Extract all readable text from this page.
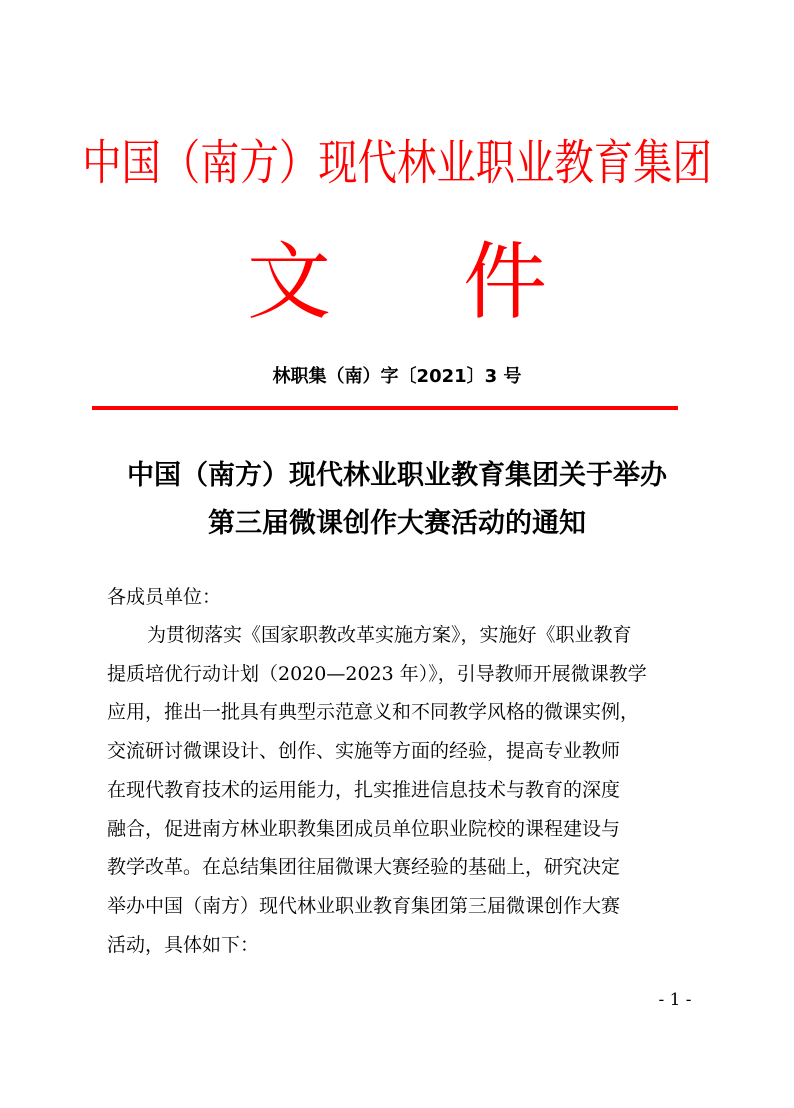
中国（南方）现代林业职业教育集团
文 件
林职集（南）字〔2021〕3 号
中国（南方）现代林业职业教育集团关于举办
第三届微课创作大赛活动的通知
各成员单位：
为贯彻落实《国家职教改革实施方案》，实施好《职业教育
提质培优行动计划（2020—2023 年）》，引导教师开展微课教学
应用，推出一批具有典型示范意义和不同教学风格的微课实例，
交流研讨微课设计、创作、实施等方面的经验，提高专业教师
在现代教育技术的运用能力，扎实推进信息技术与教育的深度
融合，促进南方林业职教集团成员单位职业院校的课程建设与
教学改革。在总结集团往届微课大赛经验的基础上，研究决定
举办中国（南方）现代林业职业教育集团第三届微课创作大赛
活动，具体如下：
- 1 -
